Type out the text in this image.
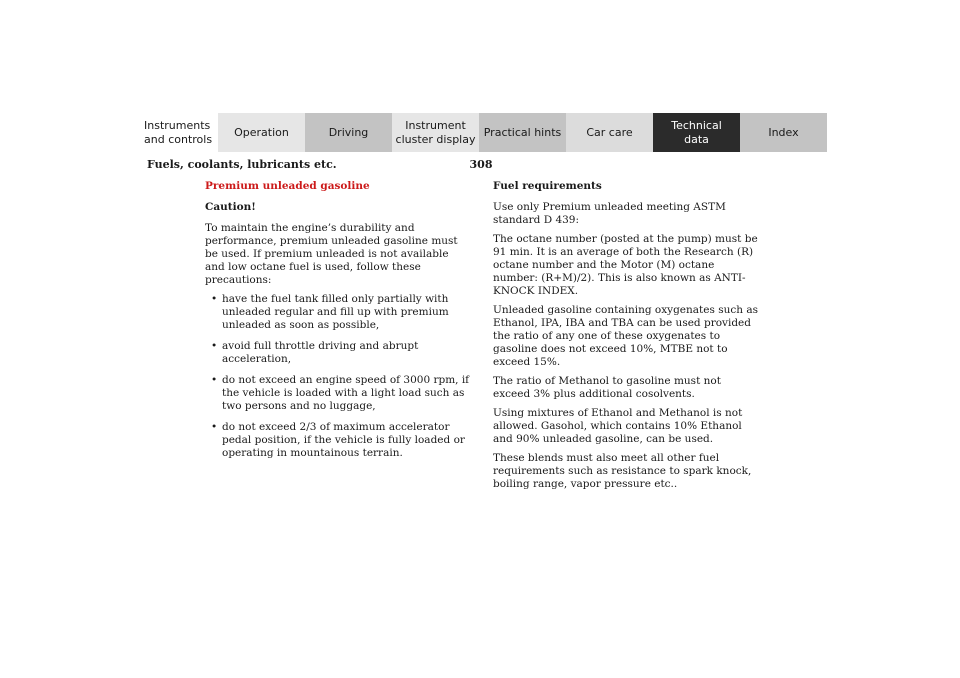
Instruments
and controls
Operation	Driving
Instrument
cluster display
Practical hints	Car care
Technical
data
Index
Fuels, coolants, lubricants etc.	308
Premium unleaded gasoline
Caution!

To maintain the engine’s durability and performance, premium unleaded gasoline must be used. If premium unleaded is not available and low octane fuel is used, follow these precautions:

• have the fuel tank filled only partially with unleaded regular and fill up with premium unleaded as soon as possible,
• avoid full throttle driving and abrupt acceleration,
• do not exceed an engine speed of 3000 rpm, if the vehicle is loaded with a light load such as two persons and no luggage,
• do not exceed 2/3 of maximum accelerator pedal position, if the vehicle is fully loaded or operating in mountainous terrain.
Fuel requirements

Use only Premium unleaded meeting ASTM standard D 439:

The octane number (posted at the pump) must be 91 min. It is an average of both the Research (R) octane number and the Motor (M) octane number: (R+M)/2). This is also known as ANTI-KNOCK INDEX.

Unleaded gasoline containing oxygenates such as Ethanol, IPA, IBA and TBA can be used provided the ratio of any one of these oxygenates to gasoline does not exceed 10%, MTBE not to exceed 15%.

The ratio of Methanol to gasoline must not exceed 3% plus additional cosolvents.

Using mixtures of Ethanol and Methanol is not allowed. Gasohol, which contains 10% Ethanol and 90% unleaded gasoline, can be used.

These blends must also meet all other fuel requirements such as resistance to spark knock, boiling range, vapor pressure etc..
